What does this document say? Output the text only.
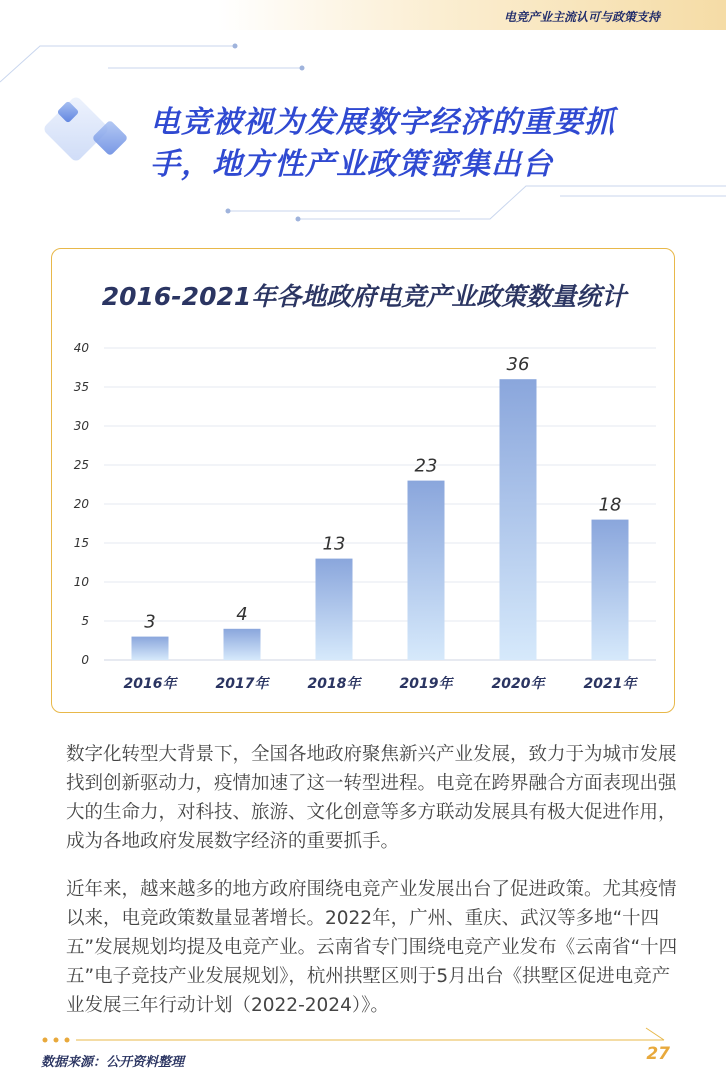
电竞产业主流认可与政策支持
电竞被视为发展数字经济的重要抓
手，地方性产业政策密集出台
2016-2021年各地政府电竞产业政策数量统计
0
5
10
15
20
25
30
35
40
3
2016年
4
2017年
13
2018年
23
2019年
36
2020年
18
2021年

数字化转型大背景下，全国各地政府聚焦新兴产业发展，致力于为城市发展找到创新驱动力，疫情加速了这一转型进程。电竞在跨界融合方面表现出强大的生命力，对科技、旅游、文化创意等多方联动发展具有极大促进作用，成为各地政府发展数字经济的重要抓手。

近年来，越来越多的地方政府围绕电竞产业发展出台了促进政策。尤其疫情以来，电竞政策数量显著增长。2022年，广州、重庆、武汉等多地“十四五”发展规划均提及电竞产业。云南省专门围绕电竞产业发布《云南省“十四五”电子竞技产业发展规划》，杭州拱墅区则于5月出台《拱墅区促进电竞产业发展三年行动计划（2022-2024）》。

数据来源：公开资料整理	27
